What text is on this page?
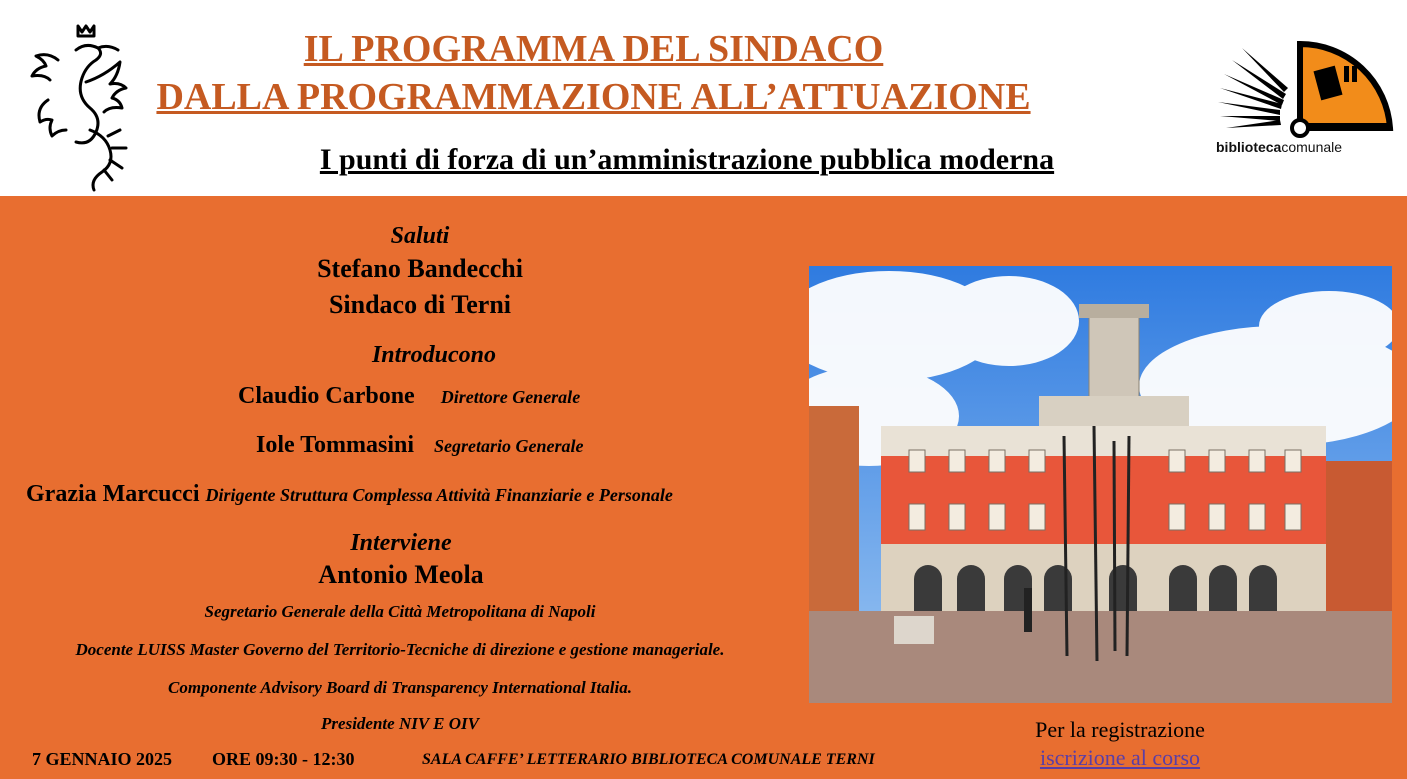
bibliotecacomunale
IL PROGRAMMA DEL SINDACO
DALLA PROGRAMMAZIONE ALL’ATTUAZIONE
I punti di forza di un’amministrazione pubblica moderna
Saluti
Stefano Bandecchi
Sindaco di Terni
Introducono
Claudio Carbone Direttore Generale
Iole Tommasini Segretario Generale
Grazia Marcucci Dirigente Struttura Complessa Attività Finanziarie e Personale
Interviene
Antonio Meola
Segretario Generale della Città Metropolitana di Napoli
Docente LUISS Master Governo del Territorio-Tecniche di direzione e gestione manageriale.
Componente Advisory Board di Transparency International Italia.
Presidente NIV E OIV
7 GENNAIO 2025 ORE 09:30 - 12:30	SALA CAFFE’ LETTERARIO BIBLIOTECA COMUNALE TERNI
Per la registrazione
iscrizione al corso
